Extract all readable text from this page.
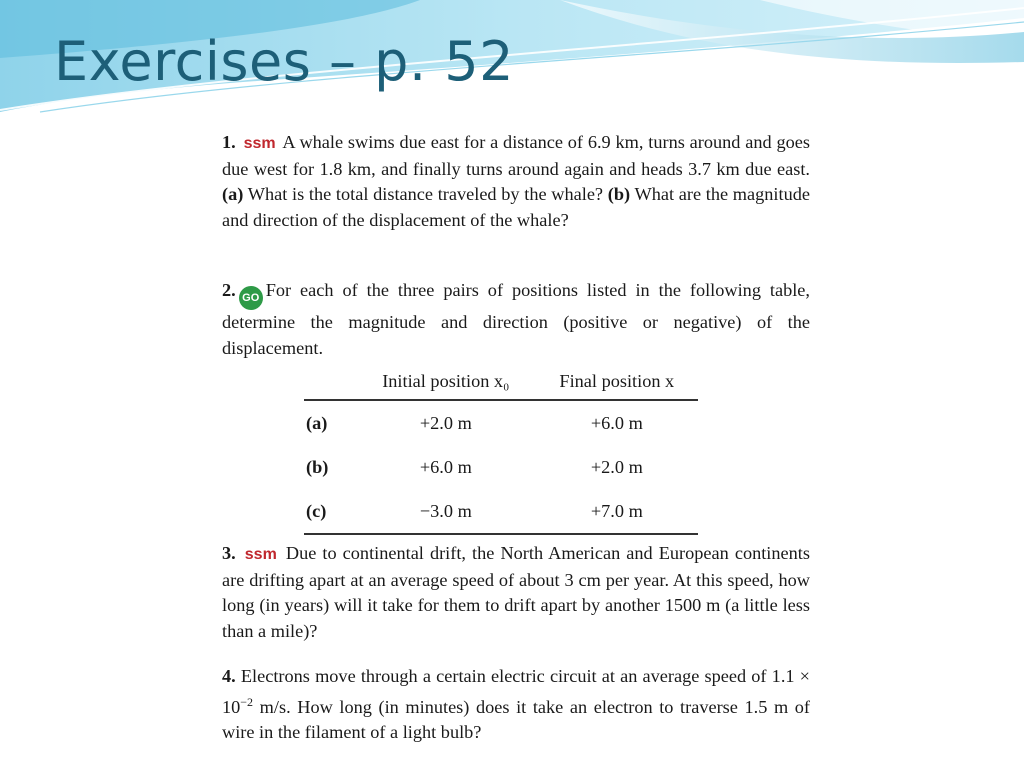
Exercises – p. 52

1. ssm A whale swims due east for a distance of 6.9 km, turns around and goes due west for 1.8 km, and finally turns around again and heads 3.7 km due east. (a) What is the total distance traveled by the whale? (b) What are the magnitude and direction of the displacement of the whale?

2. GO For each of the three pairs of positions listed in the following table, determine the magnitude and direction (positive or negative) of the displacement.

	Initial position x₀	Final position x
(a)	+2.0 m	+6.0 m
(b)	+6.0 m	+2.0 m
(c)	−3.0 m	+7.0 m

3. ssm Due to continental drift, the North American and European continents are drifting apart at an average speed of about 3 cm per year. At this speed, how long (in years) will it take for them to drift apart by another 1500 m (a little less than a mile)?

4. Electrons move through a certain electric circuit at an average speed of $1.1 \times 10^{-2}$ m/s. How long (in minutes) does it take an electron to traverse 1.5 m of wire in the filament of a light bulb?
